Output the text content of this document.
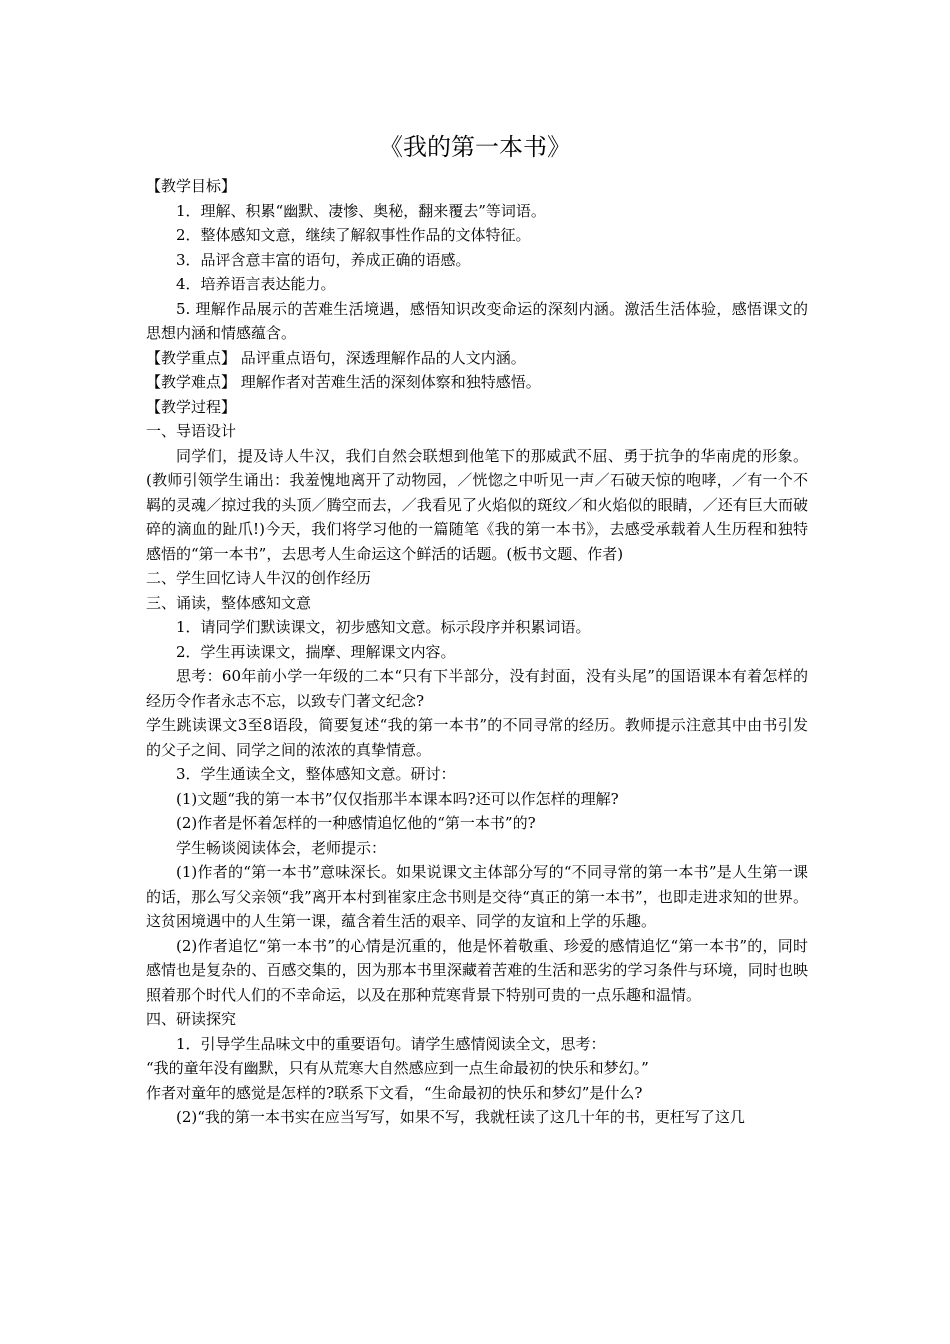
《我的第一本书》

【教学目标】

1．理解、积累“幽默、凄惨、奥秘，翻来覆去”等词语。

2．整体感知文意，继续了解叙事性作品的文体特征。

3．品评含意丰富的语句，养成正确的语感。

4．培养语言表达能力。

5. 理解作品展示的苦难生活境遇，感悟知识改变命运的深刻内涵。激活生活体验，感悟课文的思想内涵和情感蕴含。

【教学重点】 品评重点语句，深透理解作品的人文内涵。

【教学难点】 理解作者对苦难生活的深刻体察和独特感悟。

【教学过程】

一、导语设计

同学们，提及诗人牛汉，我们自然会联想到他笔下的那威武不屈、勇于抗争的华南虎的形象。(教师引领学生诵出：我羞愧地离开了动物园，／恍惚之中听见一声／石破天惊的咆哮，／有一个不羁的灵魂／掠过我的头顶／腾空而去，／我看见了火焰似的斑纹／和火焰似的眼睛，／还有巨大而破碎的滴血的趾爪!)今天，我们将学习他的一篇随笔《我的第一本书》，去感受承载着人生历程和独特感悟的“第一本书”，去思考人生命运这个鲜活的话题。(板书文题、作者)

二、学生回忆诗人牛汉的创作经历

三、诵读，整体感知文意

1．请同学们默读课文，初步感知文意。标示段序并积累词语。

2．学生再读课文，揣摩、理解课文内容。

思考：60年前小学一年级的二本“只有下半部分，没有封面，没有头尾”的国语课本有着怎样的经历令作者永志不忘，以致专门著文纪念?

学生跳读课文3至8语段，简要复述“我的第一本书”的不同寻常的经历。教师提示注意其中由书引发的父子之间、同学之间的浓浓的真挚情意。

3．学生通读全文，整体感知文意。研讨：

(1)文题“我的第一本书”仅仅指那半本课本吗?还可以作怎样的理解?

(2)作者是怀着怎样的一种感情追忆他的“第一本书”的?

学生畅谈阅读体会，老师提示：

(1)作者的“第一本书”意味深长。如果说课文主体部分写的“不同寻常的第一本书”是人生第一课的话，那么写父亲领“我”离开本村到崔家庄念书则是交待“真正的第一本书”，也即走进求知的世界。这贫困境遇中的人生第一课，蕴含着生活的艰辛、同学的友谊和上学的乐趣。

(2)作者追忆“第一本书”的心情是沉重的，他是怀着敬重、珍爱的感情追忆“第一本书”的，同时感情也是复杂的、百感交集的，因为那本书里深藏着苦难的生活和恶劣的学习条件与环境，同时也映照着那个时代人们的不幸命运，以及在那种荒寒背景下特别可贵的一点乐趣和温情。

四、研读探究

1．引导学生品味文中的重要语句。请学生感情阅读全文，思考：

“我的童年没有幽默，只有从荒寒大自然感应到一点生命最初的快乐和梦幻。”

作者对童年的感觉是怎样的?联系下文看，“生命最初的快乐和梦幻”是什么?

(2)“我的第一本书实在应当写写，如果不写，我就枉读了这几十年的书，更枉写了这几
